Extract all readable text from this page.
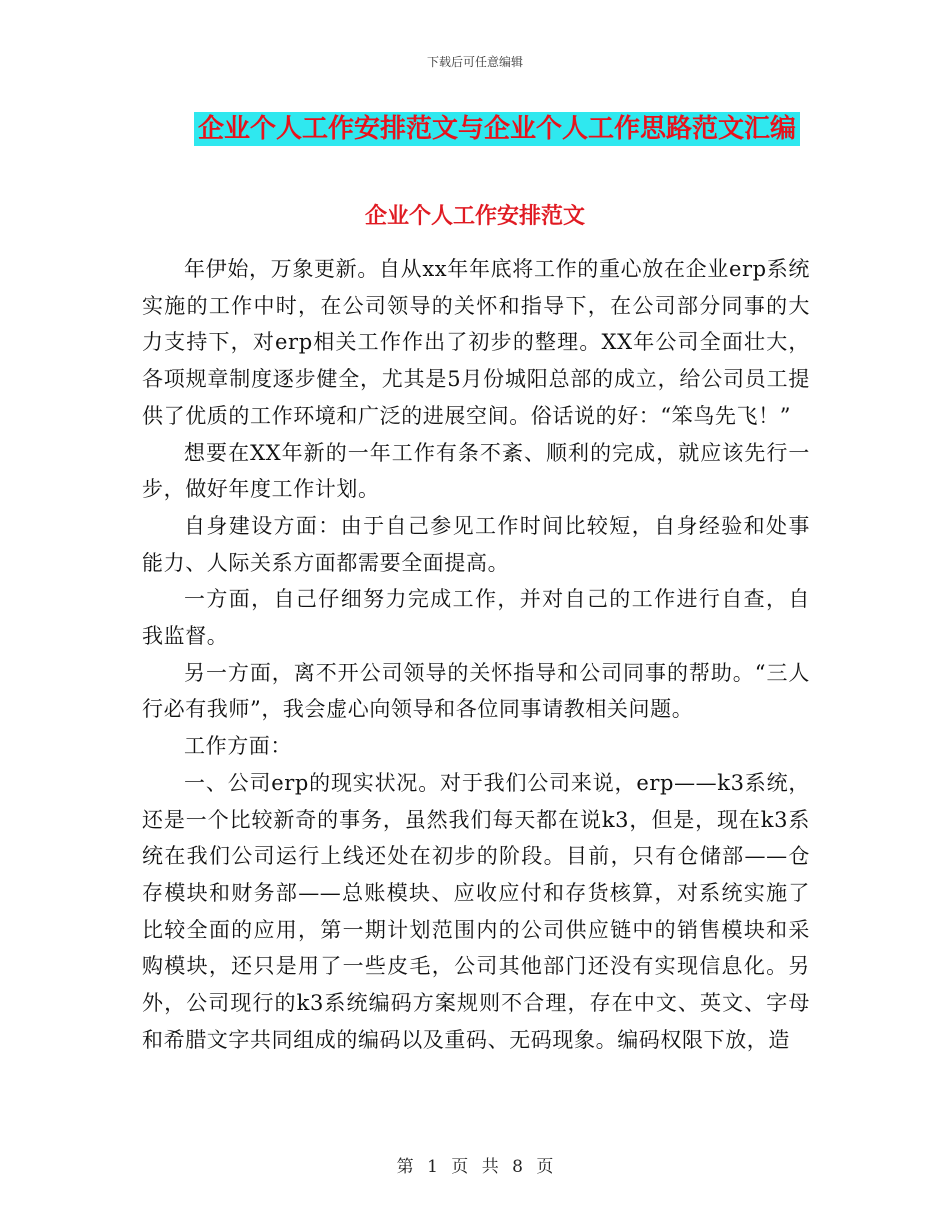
下载后可任意编辑
企业个人工作安排范文与企业个人工作思路范文汇编
企业个人工作安排范文

年伊始，万象更新。自从xx年年底将工作的重心放在企业erp系统实施的工作中时，在公司领导的关怀和指导下，在公司部分同事的大力支持下，对erp相关工作作出了初步的整理。XX年公司全面壮大，各项规章制度逐步健全，尤其是5月份城阳总部的成立，给公司员工提供了优质的工作环境和广泛的进展空间。俗话说的好：“笨鸟先飞！”

想要在XX年新的一年工作有条不紊、顺利的完成，就应该先行一步，做好年度工作计划。

自身建设方面：由于自己参见工作时间比较短，自身经验和处事能力、人际关系方面都需要全面提高。

一方面，自己仔细努力完成工作，并对自己的工作进行自查，自我监督。

另一方面，离不开公司领导的关怀指导和公司同事的帮助。“三人行必有我师”，我会虚心向领导和各位同事请教相关问题。

工作方面：

一、公司erp的现实状况。对于我们公司来说，erp——k3系统，还是一个比较新奇的事务，虽然我们每天都在说k3，但是，现在k3系统在我们公司运行上线还处在初步的阶段。目前，只有仓储部——仓存模块和财务部——总账模块、应收应付和存货核算，对系统实施了比较全面的应用，第一期计划范围内的公司供应链中的销售模块和采购模块，还只是用了一些皮毛，公司其他部门还没有实现信息化。另外，公司现行的k3系统编码方案规则不合理，存在中文、英文、字母和希腊文字共同组成的编码以及重码、无码现象。编码权限下放，造

第 1 页 共 8 页
